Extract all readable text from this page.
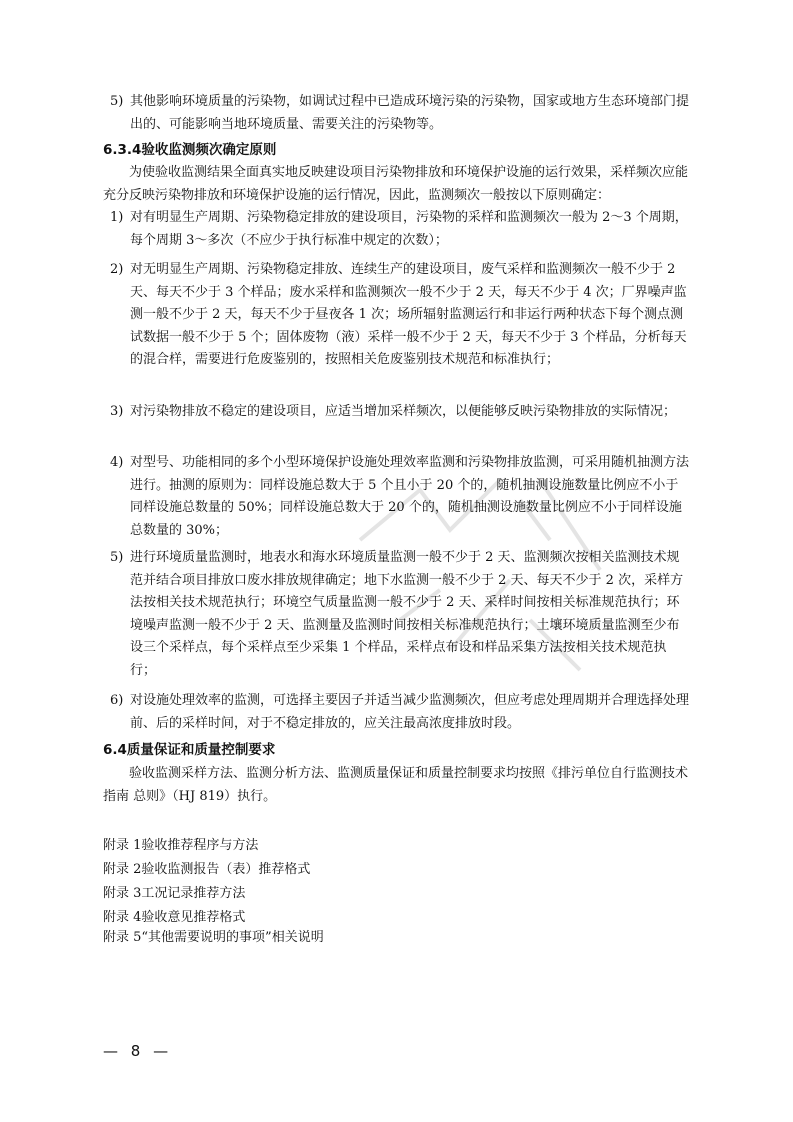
5) 其他影响环境质量的污染物，如调试过程中已造成环境污染的污染物，国家或地方生态环境部门提出的、可能影响当地环境质量、需要关注的污染物等。
6.3.4验收监测频次确定原则
为使验收监测结果全面真实地反映建设项目污染物排放和环境保护设施的运行效果，采样频次应能充分反映污染物排放和环境保护设施的运行情况，因此，监测频次一般按以下原则确定：
1) 对有明显生产周期、污染物稳定排放的建设项目，污染物的采样和监测频次一般为 2～3 个周期，每个周期 3～多次（不应少于执行标准中规定的次数）；
2) 对无明显生产周期、污染物稳定排放、连续生产的建设项目，废气采样和监测频次一般不少于 2 天、每天不少于 3 个样品；废水采样和监测频次一般不少于 2 天，每天不少于 4 次；厂界噪声监测一般不少于 2 天，每天不少于昼夜各 1 次；场所辐射监测运行和非运行两种状态下每个测点测试数据一般不少于 5 个；固体废物（液）采样一般不少于 2 天，每天不少于 3 个样品，分析每天的混合样，需要进行危废鉴别的，按照相关危废鉴别技术规范和标准执行；
3) 对污染物排放不稳定的建设项目，应适当增加采样频次，以便能够反映污染物排放的实际情况；
4) 对型号、功能相同的多个小型环境保护设施处理效率监测和污染物排放监测，可采用随机抽测方法进行。抽测的原则为：同样设施总数大于 5 个且小于 20 个的，随机抽测设施数量比例应不小于同样设施总数量的 50%；同样设施总数大于 20 个的，随机抽测设施数量比例应不小于同样设施总数量的 30%；
5) 进行环境质量监测时，地表水和海水环境质量监测一般不少于 2 天、监测频次按相关监测技术规范并结合项目排放口废水排放规律确定；地下水监测一般不少于 2 天、每天不少于 2 次，采样方法按相关技术规范执行；环境空气质量监测一般不少于 2 天、采样时间按相关标准规范执行；环境噪声监测一般不少于 2 天、监测量及监测时间按相关标准规范执行；土壤环境质量监测至少布设三个采样点，每个采样点至少采集 1 个样品，采样点布设和样品采集方法按相关技术规范执行；
6) 对设施处理效率的监测，可选择主要因子并适当减少监测频次，但应考虑处理周期并合理选择处理前、后的采样时间，对于不稳定排放的，应关注最高浓度排放时段。
6.4质量保证和质量控制要求
验收监测采样方法、监测分析方法、监测质量保证和质量控制要求均按照《排污单位自行监测技术指南 总则》（HJ 819）执行。
附录 1验收推荐程序与方法
附录 2验收监测报告（表）推荐格式
附录 3工况记录推荐方法
附录 4验收意见推荐格式
附录 5“其他需要说明的事项”相关说明
— 8 —
